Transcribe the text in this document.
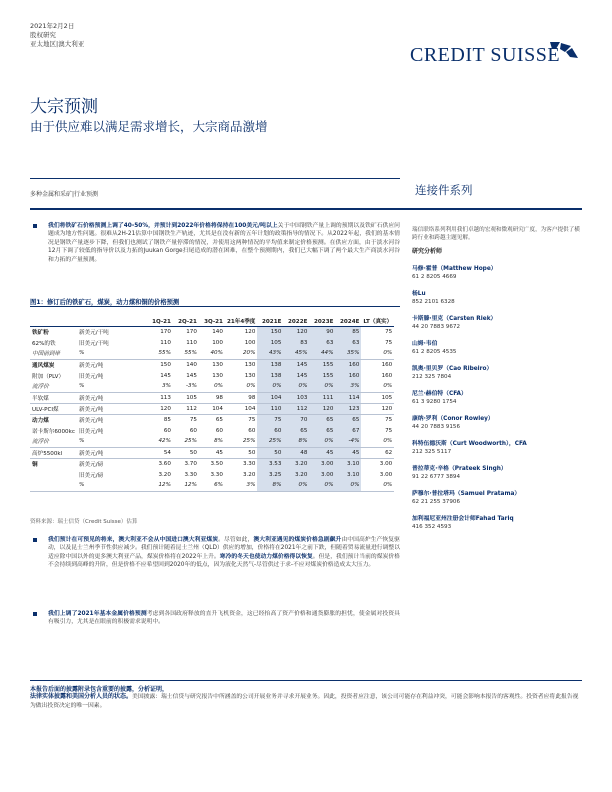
2021年2月2日
股权研究
亚太地区|澳大利亚	CREDIT SUISSE
大宗预测
由于供应难以满足需求增长，大宗商品激增
多种金属和采矿|行业预测	连接件系列
我们将铁矿石价格预测上调了40-50%，并预计到2022年价格将保持在100美元/吨以上关于中国钢铁产量上调的预期以及铁矿石供应问题成为地方性问题。很难从2H-21估算中国钢铁生产轨迹，尤其是在没有新的五年计划的政策指导的情况下。从2022年起，我们的基本情况是钢铁产量逐步下降，但我们也测试了钢铁产量停滞的情况，并使用这两种情况的平均值来制定价格预测。在供应方面，由于淡水河谷12月下调了较低的指导价以及力拓的Juukan Gorge扫尾造成的潜在困难，在整个预测期内，我们已大幅下调了两个最大生产商淡水河谷和力拓的产量预测。
图1：修订后的铁矿石，煤炭，动力煤和铜的价格预测
		1Q-21	2Q-21	3Q-21	21年4季度	2021E	2022E	2023E	2024E	LT（真实）
铁矿粉	新美元/干吨	170	170	140	120	150	120	90	85	75
62%的铁	旧美元/干吨	110	110	100	100	105	83	63	63	75
中国前到岸	%	55%	55%	40%	20%	43%	45%	44%	35%	0%
通风煤炭	新美元/吨	150	140	130	130	138	145	155	160	160
附加（PLV）	旧美元/吨	145	145	130	130	138	145	155	160	160
流浮价	%	3%	-3%	0%	0%	0%	0%	0%	3%	0%
半软煤	新美元/吨	113	105	98	98	104	103	111	114	105
ULV-PCI煤	新美元/吨	120	112	104	104	110	112	120	123	120
动力煤	新美元/吨	85	75	65	75	75	70	65	65	75
诺卡斯尔6000kc	旧美元/吨	60	60	60	60	60	65	65	67	75
流浮价	%	42%	25%	8%	25%	25%	8%	0%	-4%	0%
高炉5500kl	新美元/吨	54	50	45	50	50	48	45	45	62
铜	新美元/磅	3.60	3.70	3.50	3.30	3.53	3.20	3.00	3.10	3.00
	旧美元/磅	3.20	3.30	3.30	3.20	3.25	3.20	3.00	3.10	3.00
	%	12%	12%	6%	3%	8%	0%	0%	0%	0%
资料来源：瑞士信贷（Credit Suisse）估算
我们预计在可预见的将来，澳大利亚不会从中国进口澳大利亚煤炭。尽管如此，澳大利亚遇见的煤炭价格急剧飙升由中国高炉生产恢复驱动，以及昆士兰州季节性供应减少。我们预计随着昆士兰州（QLD）供应的增加，价格将在2021年之前下跌，但随着贸易流量进行调整以适应除中国以外的更多澳大利亚产品，煤炭价格将在2022年上升。寒冷的冬天也使动力煤价格得以恢复。但是，我们预计当前的煤炭价格不会持续到高峰的升阶，但是价格不应希望回到2020年的低点，因为液化天然气-尽管供过于求-不应对煤炭价格造成太大压力。
我们上调了2021年基本金属价格预测考虑到各国政府释放的直升飞机资金，这已经抬高了资产价格和通货膨胀的担忧，使金属对投资具有吸引力，尤其是在眼前的积极需求说明中。
瑞信联络系列利用我们卓越的宏观和微观研究广度，为客户提供了横跨行业和跨越主题见解。
研究分析师
马修·霍普（Matthew Hope）
61 2 8205 4669
杨Lu
852 2101 6328
卡斯滕·里克（Carsten Riek）
44 20 7883 9672
山姆·韦伯
61 2 8205 4535
凯奥·里贝罗（Cao Ribeiro）
212 325 7804
尼兰·赫伯特（CFA）
61 3 9280 1754
康纳·罗利（Conor Rowley）
44 20 7883 9156
科特伍德沃斯（Curt Woodworth），CFA
212 325 5117
普拉蒂克·辛格（Prateek Singh）
91 22 6777 3894
萨穆尔·普拉塔玛（Samuel Pratama）
62 21 255 37906
加利福尼亚州注册会计师Fahad Tariq
416 352 4593
本报告后面的披露附录包含重要的披露，分析证明，
法律实体披露和美国分析人员的状态。美国披露：瑞士信贷与研究报告中所涵盖的公司开展业务并寻求开展业务。因此，投资者应注意，该公司可能存在利益冲突，可能会影响本报告的客观性。投资者应将此报告视为做出投资决定的唯一因素。
